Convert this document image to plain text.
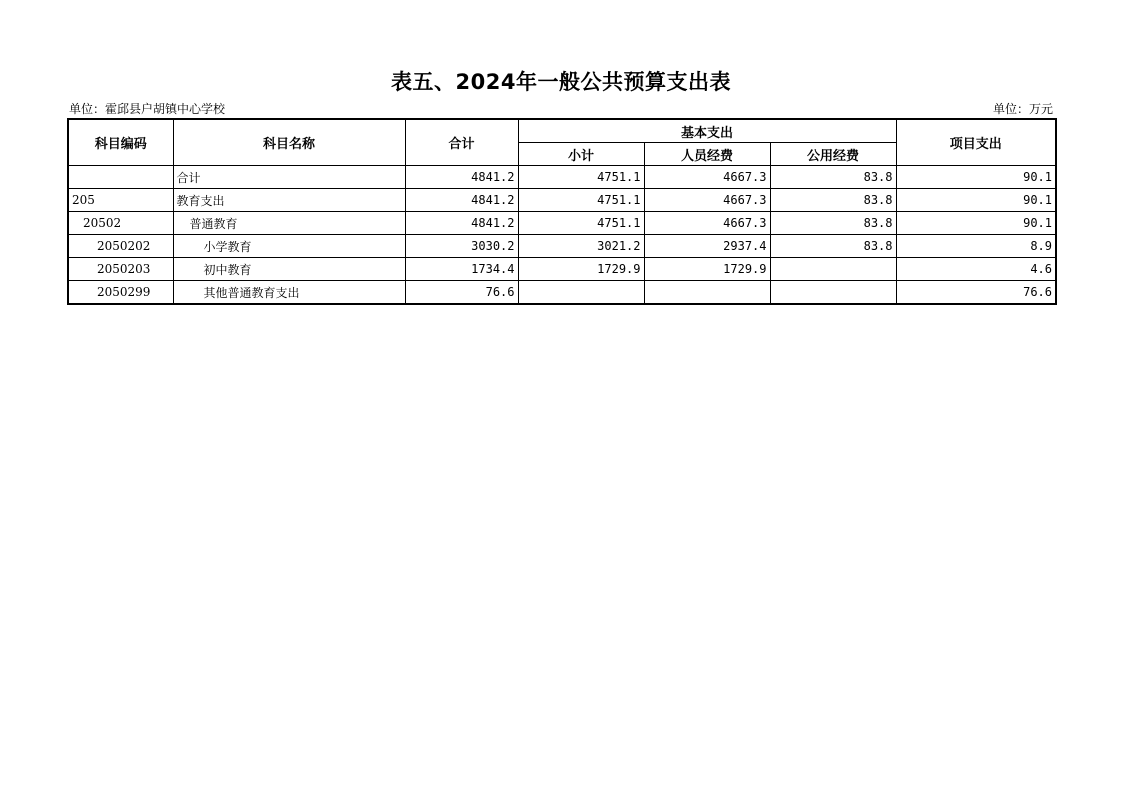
表五、2024年一般公共预算支出表
单位：霍邱县户胡镇中心学校	单位：万元
科目编码	科目名称	合计	基本支出			项目支出
			小计	人员经费	公用经费	
	合计	4841.2	4751.1	4667.3	83.8	90.1
205	教育支出	4841.2	4751.1	4667.3	83.8	90.1
20502	普通教育	4841.2	4751.1	4667.3	83.8	90.1
2050202	小学教育	3030.2	3021.2	2937.4	83.8	8.9
2050203	初中教育	1734.4	1729.9	1729.9		4.6
2050299	其他普通教育支出	76.6				76.6
